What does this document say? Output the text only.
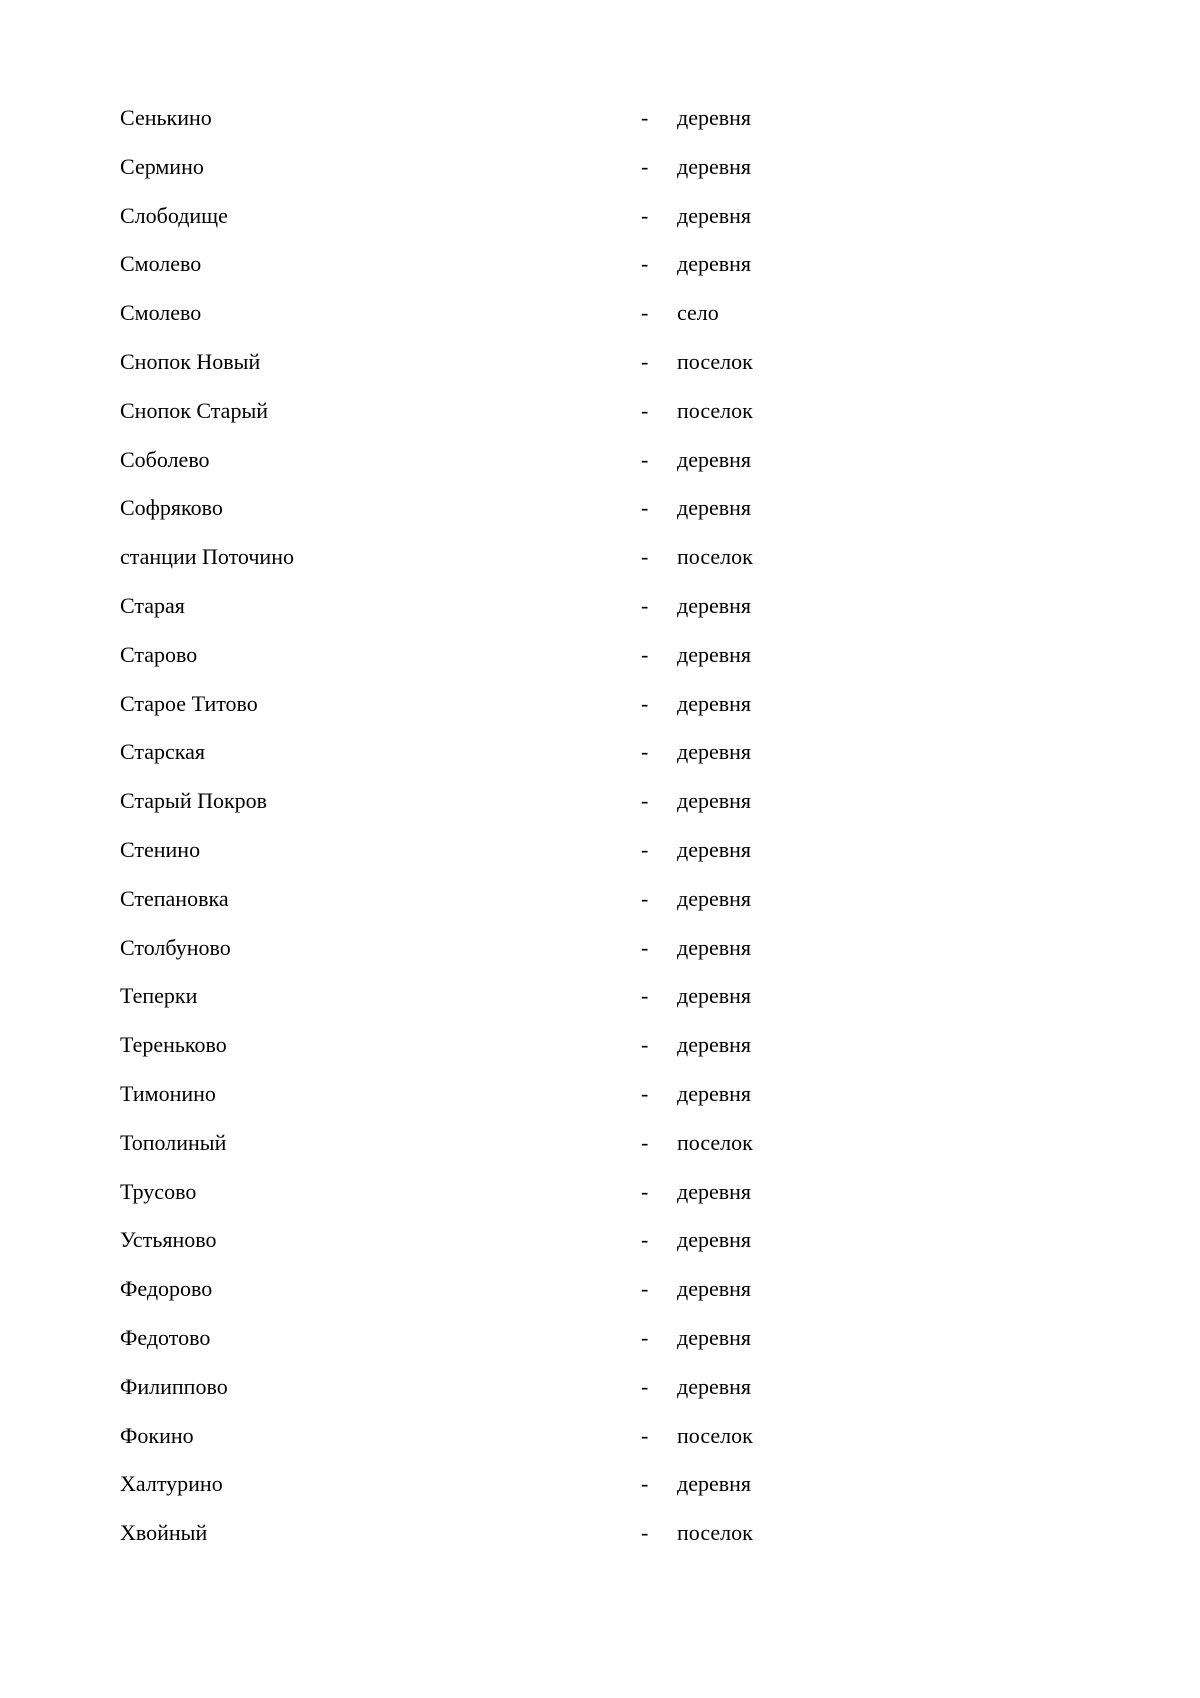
Сенькино	- деревня
Сермино	- деревня
Слободище	- деревня
Смолево	- деревня
Смолево	- село
Снопок Новый	- поселок
Снопок Старый	- поселок
Соболево	- деревня
Софряково	- деревня
станции Поточино	- поселок
Старая	- деревня
Старово	- деревня
Старое Титово	- деревня
Старская	- деревня
Старый Покров	- деревня
Стенино	- деревня
Степановка	- деревня
Столбуново	- деревня
Теперки	- деревня
Тереньково	- деревня
Тимонино	- деревня
Тополиный	- поселок
Трусово	- деревня
Устьяново	- деревня
Федорово	- деревня
Федотово	- деревня
Филиппово	- деревня
Фокино	- поселок
Халтурино	- деревня
Хвойный	- поселок
